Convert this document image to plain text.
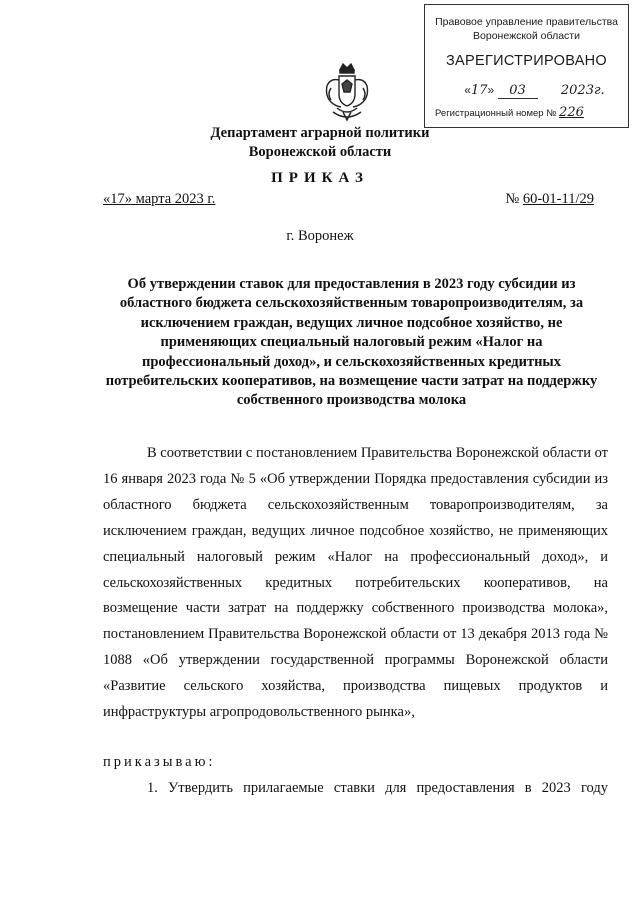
Правовое управление правительства
Воронежской области
ЗАРЕГИСТРИРОВАНО
«17» 03	2023г.
Регистрационный номер № 226
Департамент аграрной политики
Воронежской области
ПРИКАЗ
«17» марта 2023 г.	№ 60-01-11/29
г. Воронеж
Об утверждении ставок для предоставления в 2023 году субсидии из областного бюджета сельскохозяйственным товаропроизводителям, за исключением граждан, ведущих личное подсобное хозяйство, не применяющих специальный налоговый режим «Налог на профессиональный доход», и сельскохозяйственных кредитных потребительских кооперативов, на возмещение части затрат на поддержку собственного производства молока
В соответствии с постановлением Правительства Воронежской области от 16 января 2023 года № 5 «Об утверждении Порядка предоставления субсидии из областного бюджета сельскохозяйственным товаропроизводителям, за исключением граждан, ведущих личное подсобное хозяйство, не применяющих специальный налоговый режим «Налог на профессиональный доход», и сельскохозяйственных кредитных потребительских кооперативов, на возмещение части затрат на поддержку собственного производства молока», постановлением Правительства Воронежской области от 13 декабря 2013 года № 1088 «Об утверждении государственной программы Воронежской области «Развитие сельского хозяйства, производства пищевых продуктов и инфраструктуры агропродовольственного рынка»,
приказываю:
1. Утвердить прилагаемые ставки для предоставления в 2023 году
